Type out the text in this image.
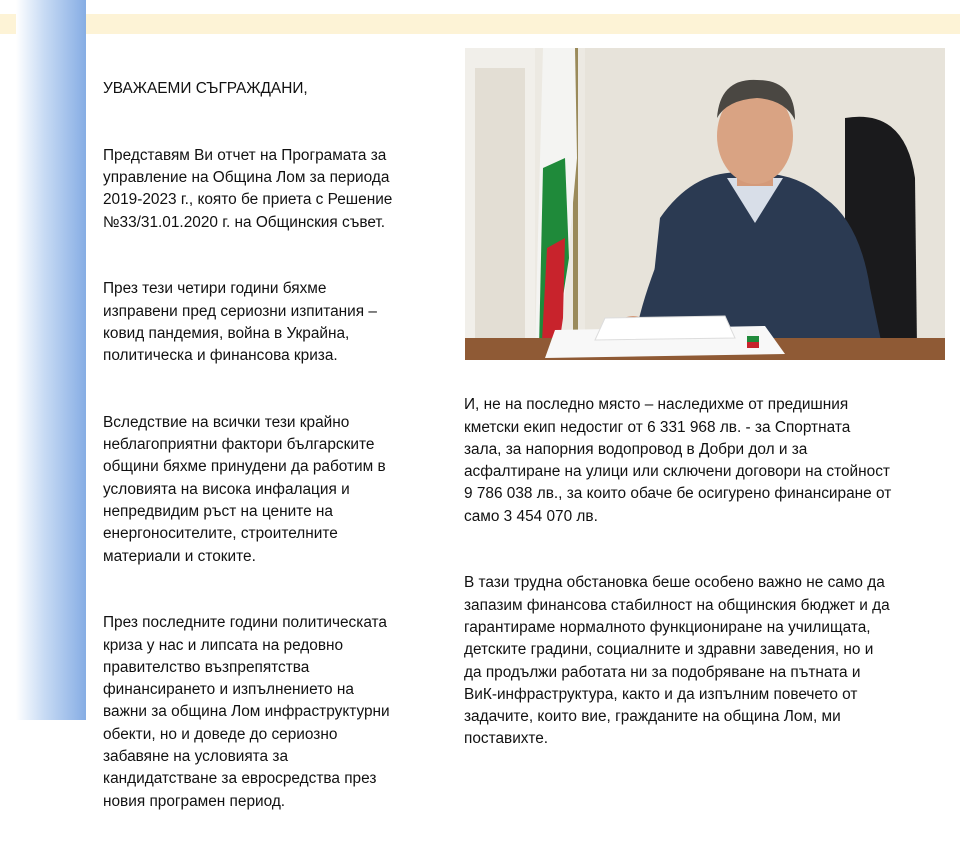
УВАЖАЕМИ СЪГРАЖДАНИ,

Представям Ви отчет на Програмата за
управление на Община Лом за периода
2019-2023 г., която бе приета с Решение
№33/31.01.2020 г. на Общинския съвет.

През тези четири години бяхме
изправени пред сериозни изпитания –
ковид пандемия, война в Украйна,
политическа и финансова криза.

Вследствие на всички тези крайно
неблагоприятни фактори българските
общини бяхме принудени да работим в
условията на висока инфалация и
непредвидим ръст на цените на
енергоносителите, строителните
материали и стоките.

През последните години политическата
криза у нас и липсата на редовно
правителство възпрепятства
финансирането и изпълнението на
важни за община Лом инфраструктурни
обекти, но и доведе до сериозно
забавяне на условията за
кандидатстване за евросредства през
новия програмен период.

И, не на последно място – наследихме от предишния
кметски екип недостиг от 6 331 968 лв. - за Спортната
зала, за напорния водопровод в Добри дол и за
асфалтиране на улици или сключени договори на стойност
9 786 038 лв., за които обаче бе осигурено финансиране от
само 3 454 070 лв.

В тази трудна обстановка беше особено важно не само да
запазим финансова стабилност на общинския бюджет и да
гарантираме нормалното функциониране на училищата,
детските градини, социалните и здравни заведения, но и
да продължи работата ни за подобряване на пътната и
ВиК-инфраструктура, както и да изпълним повечето от
задачите, които вие, гражданите на община Лом, ми
поставихте.
